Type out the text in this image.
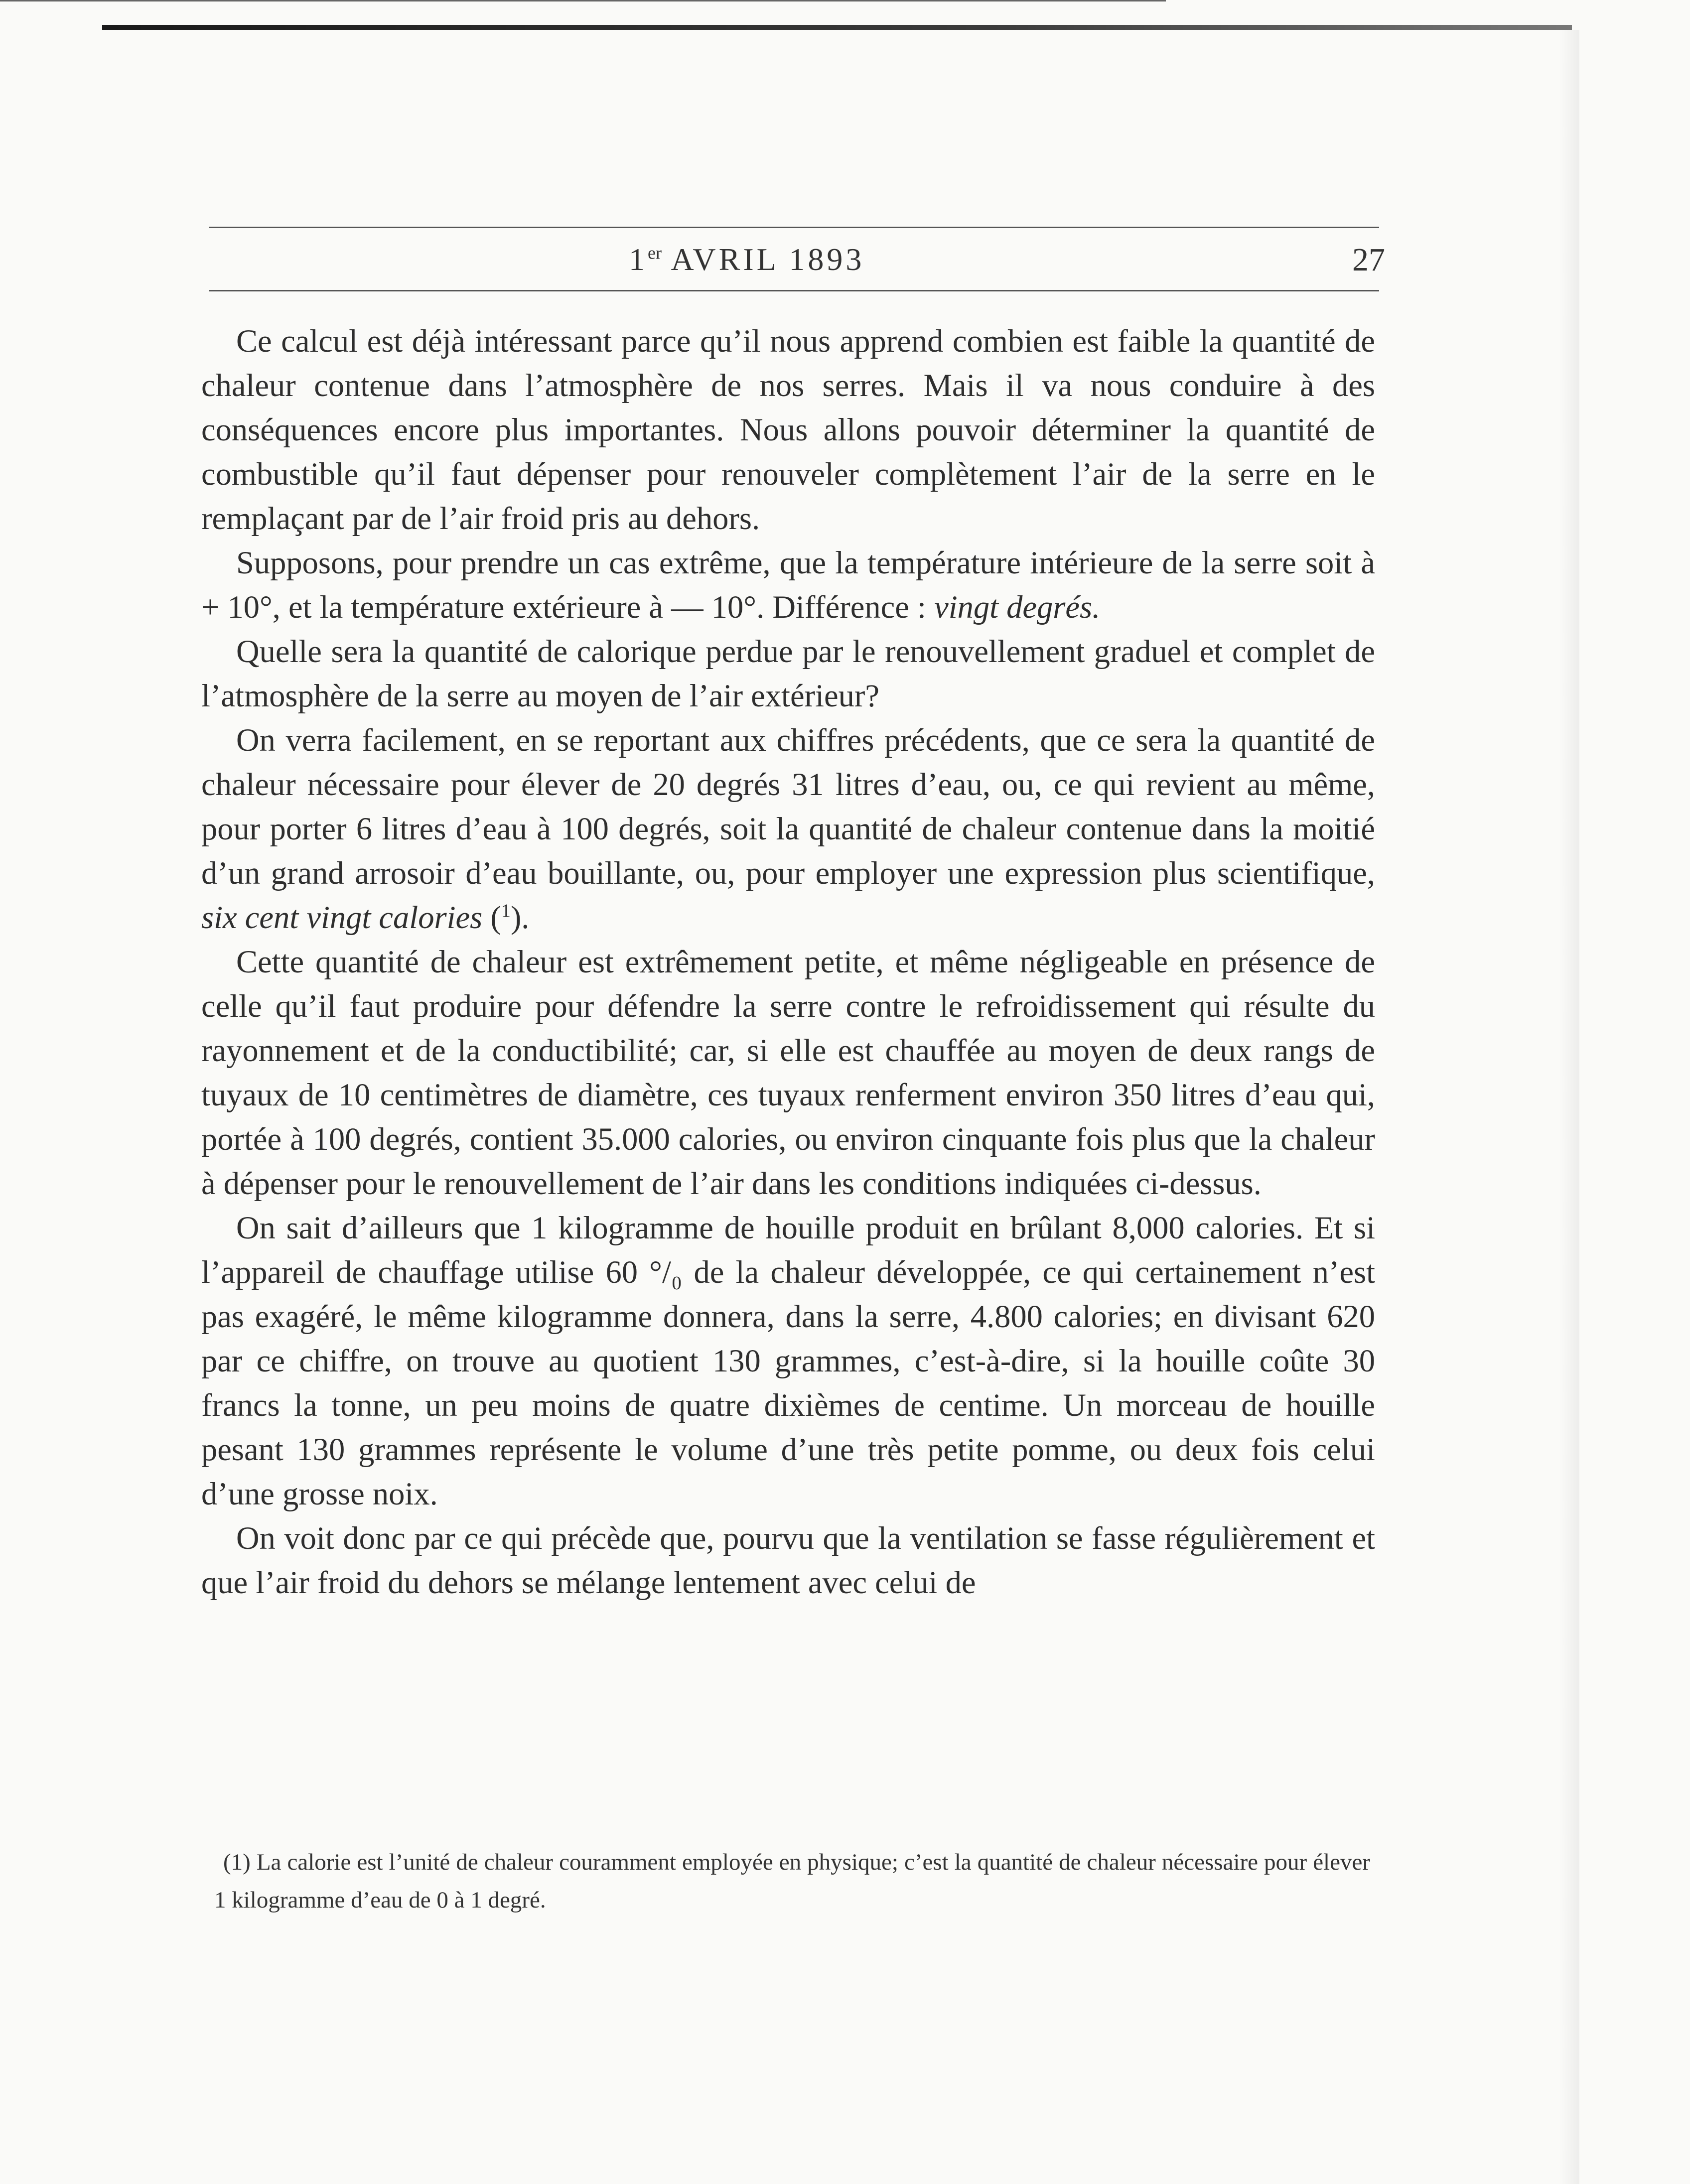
1er AVRIL 1893	27

Ce calcul est déjà intéressant parce qu’il nous apprend combien est faible la quantité de chaleur contenue dans l’atmosphère de nos serres. Mais il va nous conduire à des conséquences encore plus importantes. Nous allons pouvoir déterminer la quantité de combustible qu’il faut dépenser pour renouveler complètement l’air de la serre en le remplaçant par de l’air froid pris au dehors.

Supposons, pour prendre un cas extrême, que la température intérieure de la serre soit à + 10°, et la température extérieure à — 10°. Différence : vingt degrés.

Quelle sera la quantité de calorique perdue par le renouvellement graduel et complet de l’atmosphère de la serre au moyen de l’air extérieur?

On verra facilement, en se reportant aux chiffres précédents, que ce sera la quantité de chaleur nécessaire pour élever de 20 degrés 31 litres d’eau, ou, ce qui revient au même, pour porter 6 litres d’eau à 100 degrés, soit la quantité de chaleur contenue dans la moitié d’un grand arrosoir d’eau bouillante, ou, pour employer une expression plus scientifique, six cent vingt calories ($^1$).

Cette quantité de chaleur est extrêmement petite, et même négligeable en présence de celle qu’il faut produire pour défendre la serre contre le refroidissement qui résulte du rayonnement et de la conductibilité; car, si elle est chauffée au moyen de deux rangs de tuyaux de 10 centimètres de diamètre, ces tuyaux renferment environ 350 litres d’eau qui, portée à 100 degrés, contient 35.000 calories, ou environ cinquante fois plus que la chaleur à dépenser pour le renouvellement de l’air dans les conditions indiquées ci-dessus.

On sait d’ailleurs que 1 kilogramme de houille produit en brûlant 8,000 calories. Et si l’appareil de chauffage utilise 60 °/₀ de la chaleur développée, ce qui certainement n’est pas exagéré, le même kilogramme donnera, dans la serre, 4.800 calories; en divisant 620 par ce chiffre, on trouve au quotient 130 grammes, c’est-à-dire, si la houille coûte 30 francs la tonne, un peu moins de quatre dixièmes de centime. Un morceau de houille pesant 130 grammes représente le volume d’une très petite pomme, ou deux fois celui d’une grosse noix.

On voit donc par ce qui précède que, pourvu que la ventilation se fasse régulièrement et que l’air froid du dehors se mélange lentement avec celui de

(1) La calorie est l’unité de chaleur couramment employée en physique; c’est la quantité de chaleur nécessaire pour élever 1 kilogramme d’eau de 0 à 1 degré.
